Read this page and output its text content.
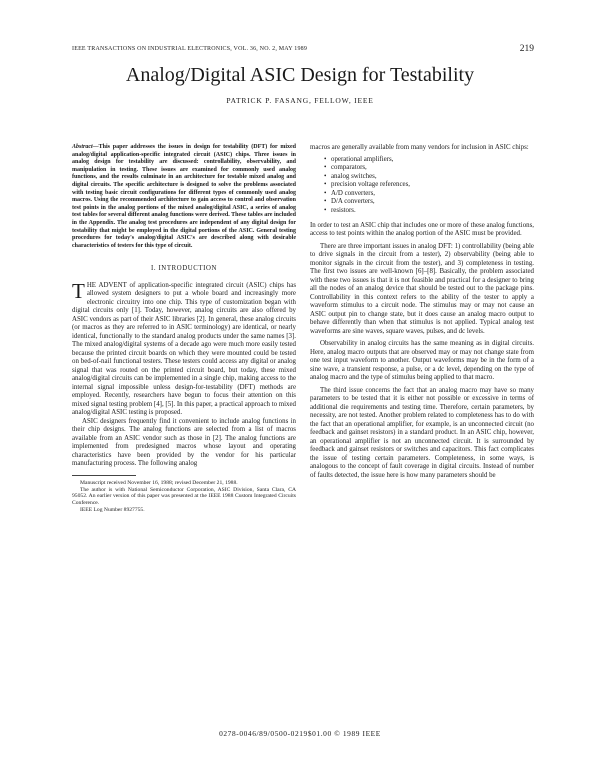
IEEE TRANSACTIONS ON INDUSTRIAL ELECTRONICS, VOL. 36, NO. 2, MAY 1989	219
Analog/Digital ASIC Design for Testability
PATRICK P. FASANG, FELLOW, IEEE

Abstract—This paper addresses the issues in design for testability (DFT) for mixed analog/digital application-specific integrated circuit (ASIC) chips. Three issues in analog design for testability are discussed: controllability, observability, and manipulation in testing. These issues are examined for commonly used analog functions, and the results culminate in an architecture for testable mixed analog and digital circuits. The specific architecture is designed to solve the problems associated with testing basic circuit configurations for different types of commonly used analog macros. Using the recommended architecture to gain access to control and observation test points in the analog portions of the mixed analog/digital ASIC, a series of analog test tables for several different analog functions were derived. These tables are included in the Appendix. The analog test procedures are independent of any digital design for testability that might be employed in the digital portions of the ASIC. General testing procedures for today's analog/digital ASIC's are described along with desirable characteristics of testers for this type of circuit.

I. INTRODUCTION

THE ADVENT of application-specific integrated circuit (ASIC) chips has allowed system designers to put a whole board and increasingly more electronic circuitry into one chip. This type of customization began with digital circuits only [1]. Today, however, analog circuits are also offered by ASIC vendors as part of their ASIC libraries [2]. In general, these analog circuits (or macros as they are referred to in ASIC terminology) are identical, or nearly identical, functionally to the standard analog products under the same names [3]. The mixed analog/digital systems of a decade ago were much more easily tested because the printed circuit boards on which they were mounted could be tested on bed-of-nail functional testers. These testers could access any digital or analog signal that was routed on the printed circuit board, but today, these mixed analog/digital circuits can be implemented in a single chip, making access to the internal signal impossible unless design-for-testability (DFT) methods are employed. Recently, researchers have begun to focus their attention on this mixed signal testing problem [4], [5]. In this paper, a practical approach to mixed analog/digital ASIC testing is proposed.

ASIC designers frequently find it convenient to include analog functions in their chip designs. The analog functions are selected from a list of macros available from an ASIC vendor such as those in [2]. The analog functions are implemented from predesigned macros whose layout and operating characteristics have been provided by the vendor for his particular manufacturing process. The following analog

Manuscript received November 16, 1988; revised December 21, 1988.

The author is with National Semiconductor Corporation, ASIC Division, Santa Clara, CA 95052. An earlier version of this paper was presented at the IEEE 1988 Custom Integrated Circuits Conference.

IEEE Log Number 8927755.

macros are generally available from many vendors for inclusion in ASIC chips:

• operational amplifiers,
• comparators,
• analog switches,
• precision voltage references,
• A/D converters,
• D/A converters,
• resistors.

In order to test an ASIC chip that includes one or more of these analog functions, access to test points within the analog portion of the ASIC must be provided.

There are three important issues in analog DFT: 1) controllability (being able to drive signals in the circuit from a tester), 2) observability (being able to monitor signals in the circuit from the tester), and 3) completeness in testing. The first two issues are well-known [6]–[8]. Basically, the problem associated with these two issues is that it is not feasible and practical for a designer to bring all the nodes of an analog device that should be tested out to the package pins. Controllability in this context refers to the ability of the tester to apply a waveform stimulus to a circuit node. The stimulus may or may not cause an ASIC output pin to change state, but it does cause an analog macro output to behave differently than when that stimulus is not applied. Typical analog test waveforms are sine waves, square waves, pulses, and dc levels.

Observability in analog circuits has the same meaning as in digital circuits. Here, analog macro outputs that are observed may or may not change state from one test input waveform to another. Output waveforms may be in the form of a sine wave, a transient response, a pulse, or a dc level, depending on the type of analog macro and the type of stimulus being applied to that macro.

The third issue concerns the fact that an analog macro may have so many parameters to be tested that it is either not possible or excessive in terms of additional die requirements and testing time. Therefore, certain parameters, by necessity, are not tested. Another problem related to completeness has to do with the fact that an operational amplifier, for example, is an unconnected circuit (no feedback and gainset resistors) in a standard product. In an ASIC chip, however, an operational amplifier is not an unconnected circuit. It is surrounded by feedback and gainset resistors or switches and capacitors. This fact complicates the issue of testing certain parameters. Completeness, in some ways, is analogous to the concept of fault coverage in digital circuits. Instead of number of faults detected, the issue here is how many parameters should be

0278-0046/89/0500-0219$01.00 © 1989 IEEE
